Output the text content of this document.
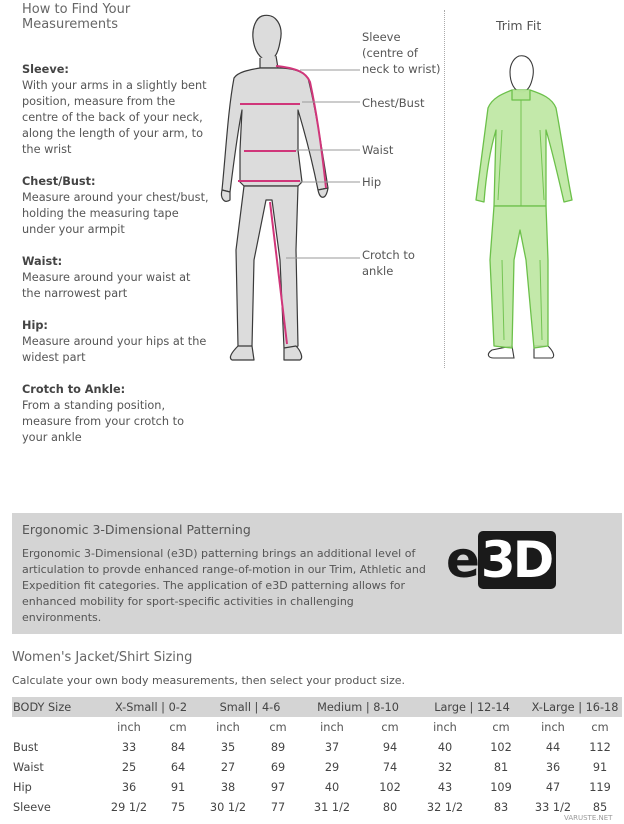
How to Find Your
Measurements
Sleeve:
With your arms in a slightly bent position, measure from the centre of the back of your neck, along the length of your arm, to the wrist
Chest/Bust:
Measure around your chest/bust, holding the measuring tape under your armpit
Waist:
Measure around your waist at the narrowest part
Hip:
Measure around your hips at the widest part
Crotch to Ankle:
From a standing position, measure from your crotch to your ankle
Sleeve
(centre of
neck to wrist)
Chest/Bust
Waist
Hip
Crotch to
ankle
Trim Fit
Ergonomic 3-Dimensional Patterning
Ergonomic 3-Dimensional (e3D) patterning brings an additional level of articulation to provde enhanced range-of-motion in our Trim, Athletic and Expedition fit categories. The application of e3D patterning allows for enhanced mobility for sport-specific activities in challenging environments.
e3D
Women's Jacket/Shirt Sizing
Calculate your own body measurements, then select your product size.
BODY Size	X-Small | 0-2		Small | 4-6		Medium | 8-10		Large | 12-14		X-Large | 16-18	
	inch	cm	inch	cm	inch	cm	inch	cm	inch	cm
Bust	33	84	35	89	37	94	40	102	44	112
Waist	25	64	27	69	29	74	32	81	36	91
Hip	36	91	38	97	40	102	43	109	47	119
Sleeve	29 1/2	75	30 1/2	77	31 1/2	80	32 1/2	83	33 1/2	85
VARUSTE.NET
